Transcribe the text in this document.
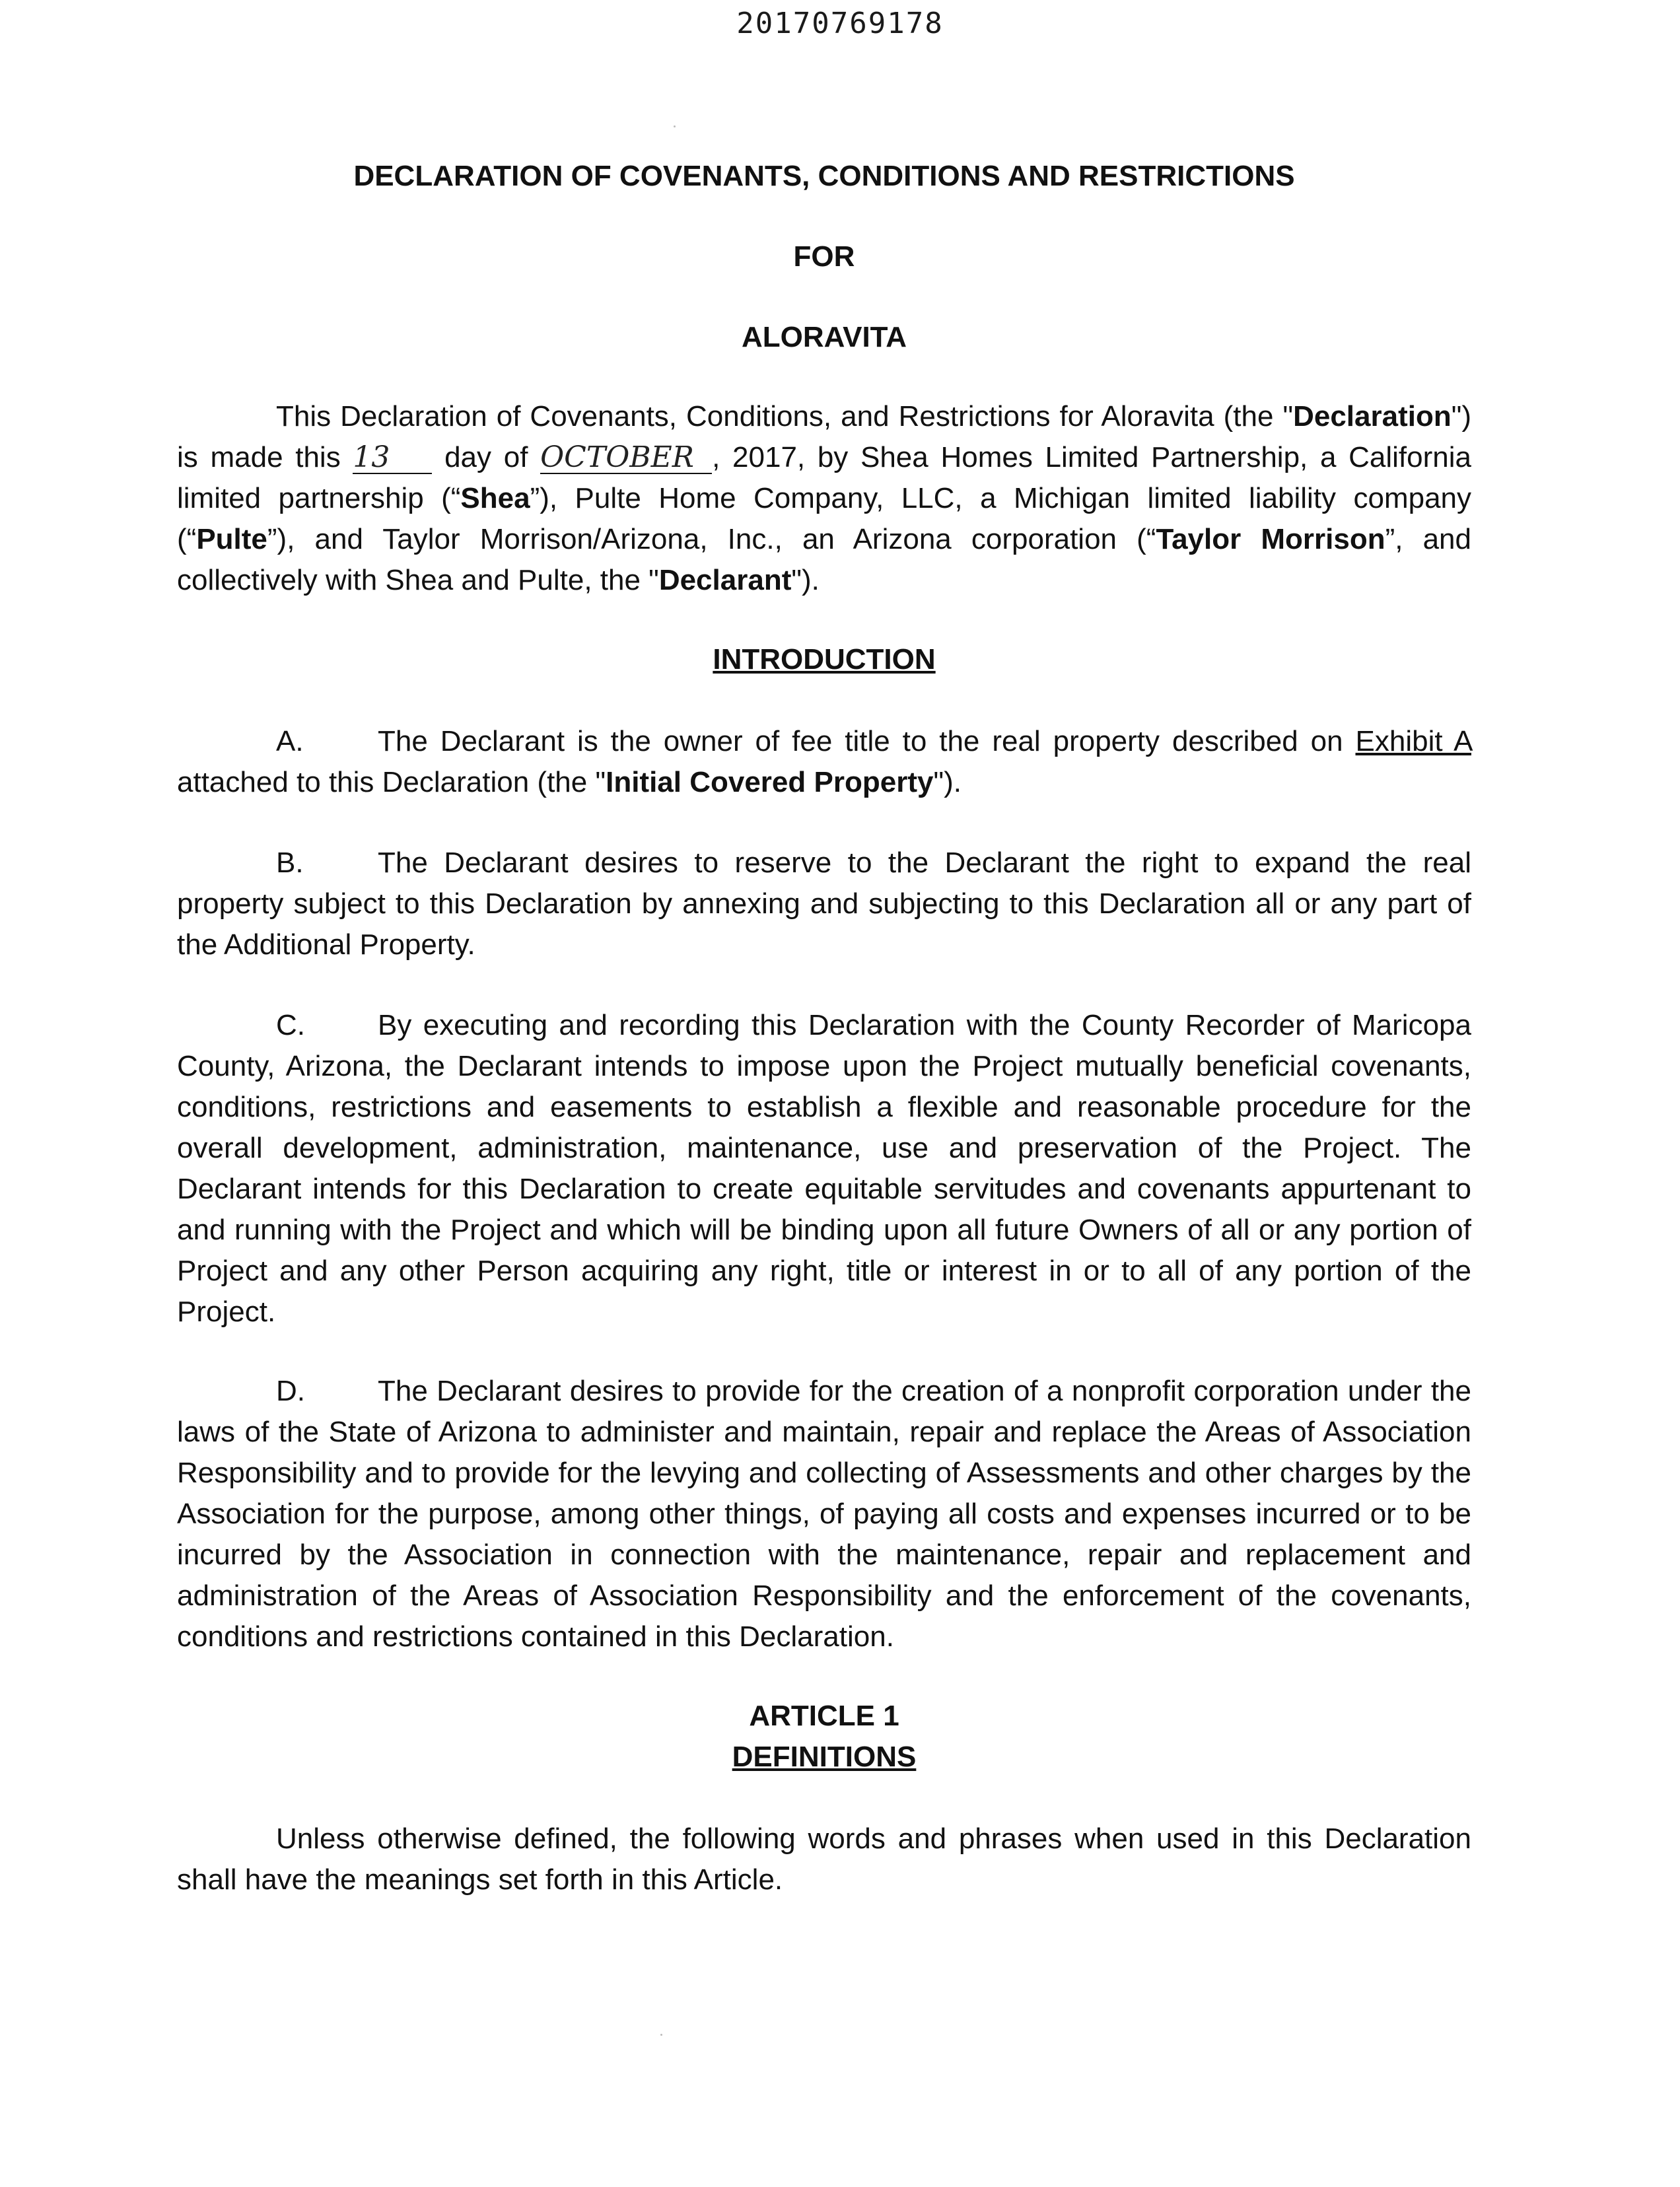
20170769178
DECLARATION OF COVENANTS, CONDITIONS AND RESTRICTIONS
FOR
ALORAVITA

This Declaration of Covenants, Conditions, and Restrictions for Aloravita (the "Declaration") is made this 13 day of OCTOBER , 2017, by Shea Homes Limited Partnership, a California limited partnership (“Shea”), Pulte Home Company, LLC, a Michigan limited liability company (“Pulte”), and Taylor Morrison/Arizona, Inc., an Arizona corporation (“Taylor Morrison”, and collectively with Shea and Pulte, the "Declarant").

INTRODUCTION

A.	The Declarant is the owner of fee title to the real property described on Exhibit A attached to this Declaration (the "Initial Covered Property").

B.	The Declarant desires to reserve to the Declarant the right to expand the real property subject to this Declaration by annexing and subjecting to this Declaration all or any part of the Additional Property.

C.	By executing and recording this Declaration with the County Recorder of Maricopa County, Arizona, the Declarant intends to impose upon the Project mutually beneficial covenants, conditions, restrictions and easements to establish a flexible and reasonable procedure for the overall development, administration, maintenance, use and preservation of the Project. The Declarant intends for this Declaration to create equitable servitudes and covenants appurtenant to and running with the Project and which will be binding upon all future Owners of all or any portion of Project and any other Person acquiring any right, title or interest in or to all of any portion of the Project.

D.	The Declarant desires to provide for the creation of a nonprofit corporation under the laws of the State of Arizona to administer and maintain, repair and replace the Areas of Association Responsibility and to provide for the levying and collecting of Assessments and other charges by the Association for the purpose, among other things, of paying all costs and expenses incurred or to be incurred by the Association in connection with the maintenance, repair and replacement and administration of the Areas of Association Responsibility and the enforcement of the covenants, conditions and restrictions contained in this Declaration.

ARTICLE 1
DEFINITIONS

Unless otherwise defined, the following words and phrases when used in this Declaration shall have the meanings set forth in this Article.
